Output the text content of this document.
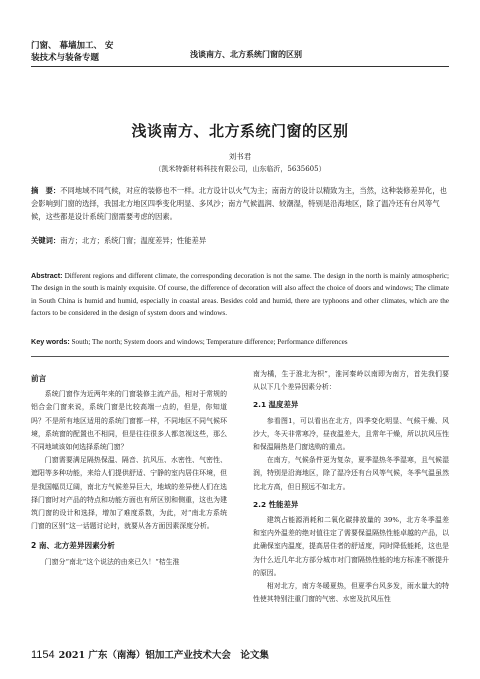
门窗、 幕墙加工、 安
装技术与装备专题	浅谈南方、北方系统门窗的区别
浅谈南方、北方系统门窗的区别
刘书君
（凯米特新材料科技有限公司，山东临沂，5635605）
摘　要：不同地域不同气候，对应的装修也不一样。北方设计以火气为主；南南方的设计以精致为主，当然，这种装修差异化，也会影响到门窗的选择，我国北方地区四季变化明显、多风沙；南方气候温润、较潮湿，特别是沿海地区，除了温冷还有台风等气候，这些都是设计系统门窗需要考虑的因素。
关键词：南方；北方；系统门窗；温度差异；性能差异
Abstract: Different regions and different climate, the corresponding decoration is not the same. The design in the north is mainly atmospheric; The design in the south is mainly exquisite. Of course, the difference of decoration will also affect the choice of doors and windows; The climate in South China is humid and humid, especially in coastal areas. Besides cold and humid, there are typhoons and other climates, which are the factors to be considered in the design of system doors and windows.
Key words: South; The north; System doors and windows; Temperature difference; Performance differences
前言

系统门窗作为近两年来的门窗装修主流产品，相对于常规的铝合金门窗来说，系统门窗是比较高端一点的，但是，你知道吗？不是所有地区适用的系统门窗都一样，不同地区不同气候环境，系统窗的配置也不相同，但是往往很多人都忽视这些，那么不同地域该如何选择系统门窗？

门窗需要满足隔热保温、隔音、抗风压、水密性、气密性、遮阳等多种功能，来给人们提供舒适、宁静的室内居住环境，但是我国幅员辽阔，南北方气候差异巨大，地域的差异使人们在选择门窗时对产品的特点和功能方面也有所区别和侧重，这也为建筑门窗的设计和选择，增加了难度系数，为此，对“南北方系统门窗的区别”这一话题讨论时，就要从各方面因素深度分析。

2 南、北方差异因素分析

门窗分“南北”这个说法的由来已久！“桔生淮

南为橘，生于淮北为枳”，淮河秦岭以南即为南方，首先我们要从以下几个差异因素分析：

2.1 温度差异

参看图1，可以看出在北方，四季变化明显、气候干燥、风沙大，冬天非常寒冷，昼夜温差大，且常年干燥，所以抗风压性和保温隔热是门窗选购的重点。

在南方，气候条件更为复杂，夏季湿热冬季湿寒，且气候湿润，特别是沿海地区，除了湿冷还有台风等气候，冬季气温虽然比北方高，但日照远不如北方。

2.2 性能差异

建筑占能源消耗和二氧化碳排放量的 39%，北方冬季温差和室内外温差的绝对值往定了需要保温隔热性能卓越的产品，以此确保室内温度，提高居住者的舒适度，同时降低能耗，这也是为什么近几年北方部分城市对门窗隔热性能的地方标准不断提升的原因。

相对北方，南方冬暖夏热，但夏季台风多发，雨水量大的特性使其特别注重门窗的气密、水密及抗风压性

1154 2021 广东（南海）铝加工产业技术大会　论文集
